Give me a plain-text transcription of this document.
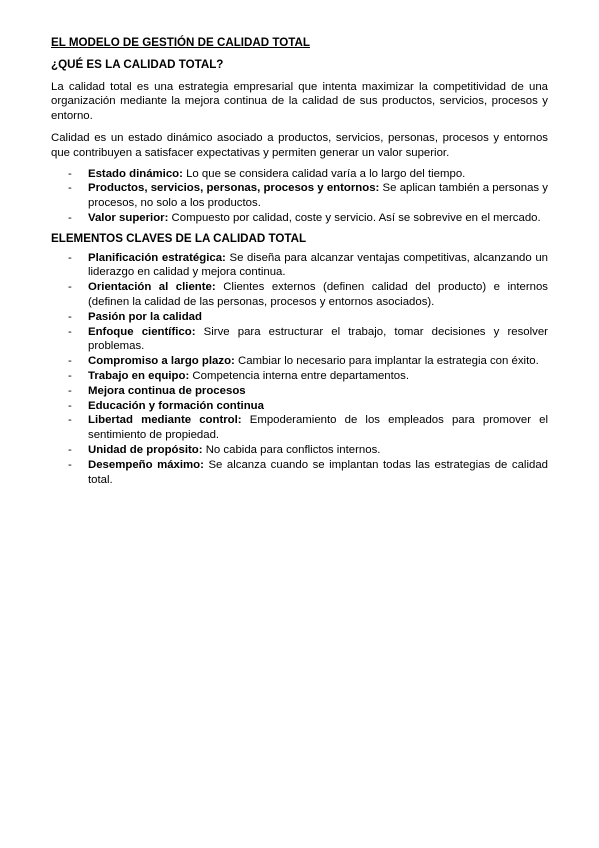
EL MODELO DE GESTIÓN DE CALIDAD TOTAL
¿QUÉ ES LA CALIDAD TOTAL?

La calidad total es una estrategia empresarial que intenta maximizar la competitividad de una organización mediante la mejora continua de la calidad de sus productos, servicios, procesos y entorno.

Calidad es un estado dinámico asociado a productos, servicios, personas, procesos y entornos que contribuyen a satisfacer expectativas y permiten generar un valor superior.

- Estado dinámico: Lo que se considera calidad varía a lo largo del tiempo.
- Productos, servicios, personas, procesos y entornos: Se aplican también a personas y procesos, no solo a los productos.
- Valor superior: Compuesto por calidad, coste y servicio. Así se sobrevive en el mercado.
ELEMENTOS CLAVES DE LA CALIDAD TOTAL
- Planificación estratégica: Se diseña para alcanzar ventajas competitivas, alcanzando un liderazgo en calidad y mejora continua.
- Orientación al cliente: Clientes externos (definen calidad del producto) e internos (definen la calidad de las personas, procesos y entornos asociados).
- Pasión por la calidad
- Enfoque científico: Sirve para estructurar el trabajo, tomar decisiones y resolver problemas.
- Compromiso a largo plazo: Cambiar lo necesario para implantar la estrategia con éxito.
- Trabajo en equipo: Competencia interna entre departamentos.
- Mejora continua de procesos
- Educación y formación continua
- Libertad mediante control: Empoderamiento de los empleados para promover el sentimiento de propiedad.
- Unidad de propósito: No cabida para conflictos internos.
- Desempeño máximo: Se alcanza cuando se implantan todas las estrategias de calidad total.
